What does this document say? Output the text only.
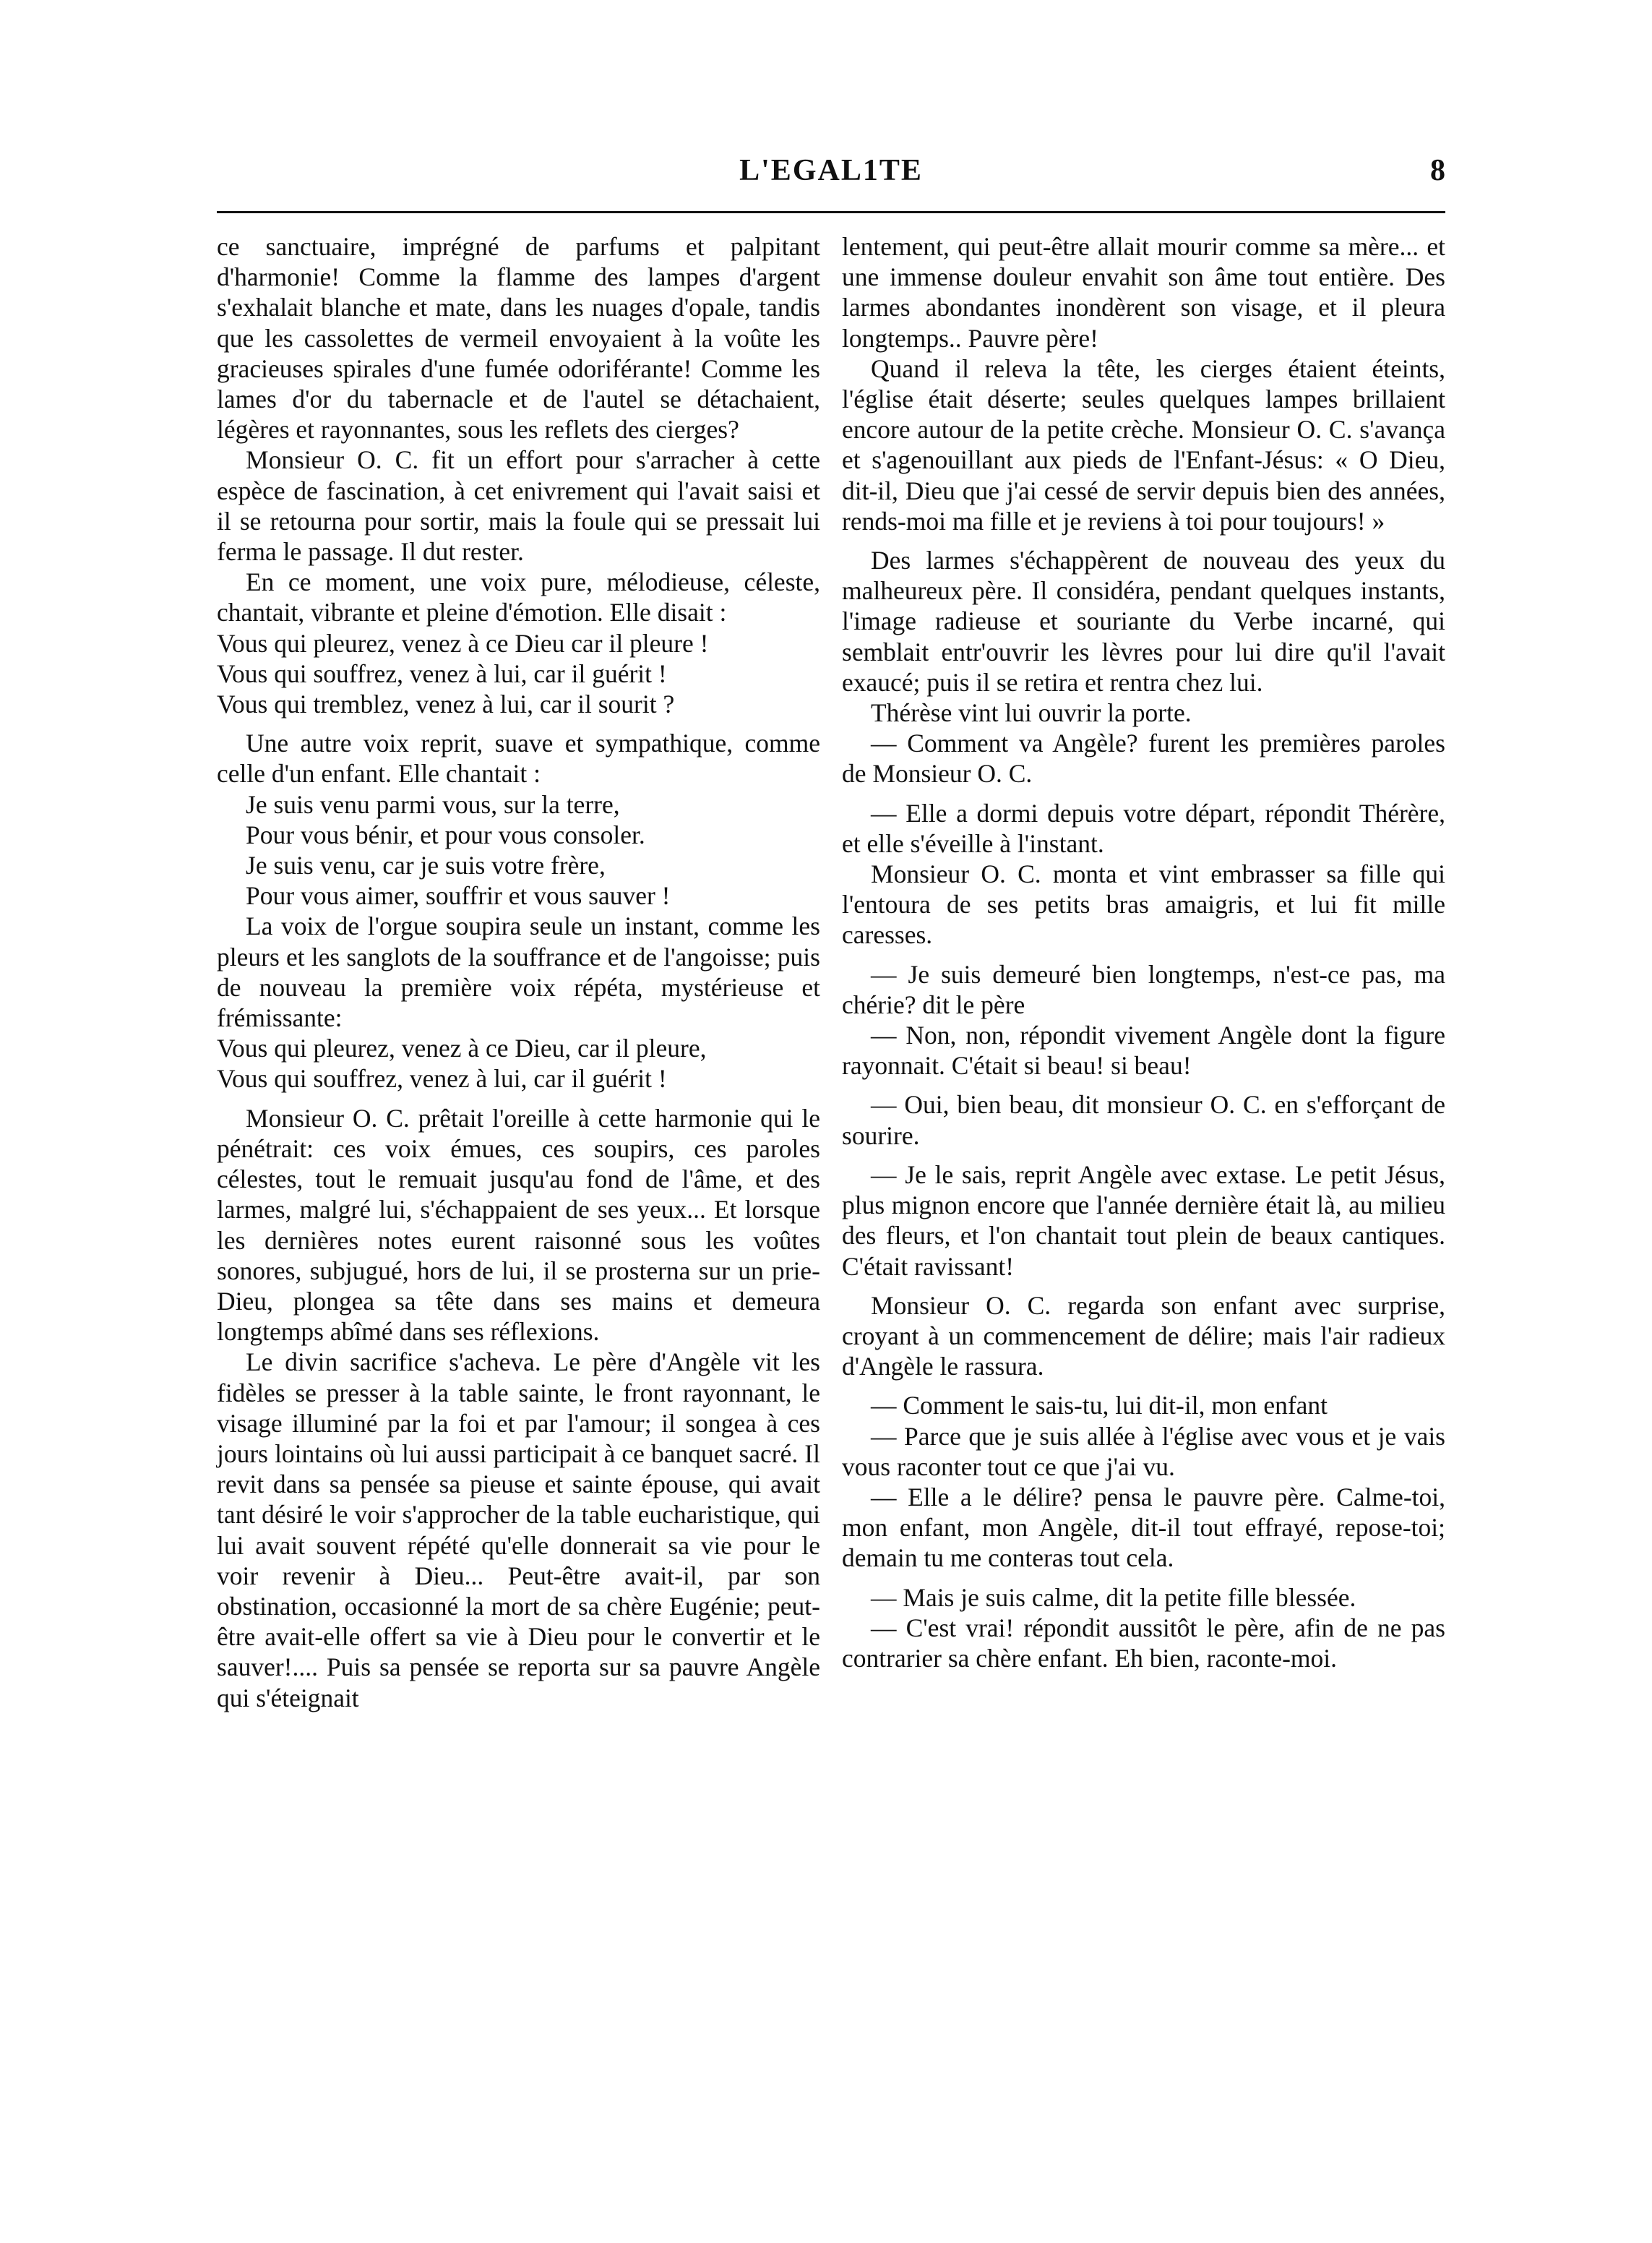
L'EGAL1TE	8

ce sanctuaire, imprégné de parfums et palpitant d'harmonie! Comme la flamme des lampes d'argent s'exhalait blanche et mate, dans les nuages d'opale, tandis que les cassolettes de vermeil envoyaient à la voûte les gracieuses spirales d'une fumée odoriférante! Comme les lames d'or du tabernacle et de l'autel se détachaient, légères et rayonnantes, sous les reflets des cierges?

Monsieur O. C. fit un effort pour s'arracher à cette espèce de fascination, à cet enivrement qui l'avait saisi et il se retourna pour sortir, mais la foule qui se pressait lui ferma le passage. Il dut rester.

En ce moment, une voix pure, mélodieuse, céleste, chantait, vibrante et pleine d'émotion. Elle disait :

Vous qui pleurez, venez à ce Dieu car il pleure !

Vous qui souffrez, venez à lui, car il guérit !

Vous qui tremblez, venez à lui, car il sourit ?

Une autre voix reprit, suave et sympathique, comme celle d'un enfant. Elle chantait :

Je suis venu parmi vous, sur la terre,

Pour vous bénir, et pour vous consoler.

Je suis venu, car je suis votre frère,

Pour vous aimer, souffrir et vous sauver !

La voix de l'orgue soupira seule un instant, comme les pleurs et les sanglots de la souffrance et de l'angoisse; puis de nouveau la première voix répéta, mystérieuse et frémissante:

Vous qui pleurez, venez à ce Dieu, car il pleure,

Vous qui souffrez, venez à lui, car il guérit !

Monsieur O. C. prêtait l'oreille à cette harmonie qui le pénétrait: ces voix émues, ces soupirs, ces paroles célestes, tout le remuait jusqu'au fond de l'âme, et des larmes, malgré lui, s'échappaient de ses yeux... Et lorsque les dernières notes eurent raisonné sous les voûtes sonores, subjugué, hors de lui, il se prosterna sur un prie-Dieu, plongea sa tête dans ses mains et demeura longtemps abîmé dans ses réflexions.

Le divin sacrifice s'acheva. Le père d'Angèle vit les fidèles se presser à la table sainte, le front rayonnant, le visage illuminé par la foi et par l'amour; il songea à ces jours lointains où lui aussi participait à ce banquet sacré. Il revit dans sa pensée sa pieuse et sainte épouse, qui avait tant désiré le voir s'approcher de la table eucharistique, qui lui avait souvent répété qu'elle donnerait sa vie pour le voir revenir à Dieu... Peut-être avait-il, par son obstination, occasionné la mort de sa chère Eugénie; peut-être avait-elle offert sa vie à Dieu pour le convertir et le sauver!.... Puis sa pensée se reporta sur sa pauvre Angèle qui s'éteignait

lentement, qui peut-être allait mourir comme sa mère... et une immense douleur envahit son âme tout entière. Des larmes abondantes inondèrent son visage, et il pleura longtemps.. Pauvre père!

Quand il releva la tête, les cierges étaient éteints, l'église était déserte; seules quelques lampes brillaient encore autour de la petite crèche. Monsieur O. C. s'avança et s'agenouillant aux pieds de l'Enfant-Jésus: « O Dieu, dit-il, Dieu que j'ai cessé de servir depuis bien des années, rends-moi ma fille et je reviens à toi pour toujours! »

Des larmes s'échappèrent de nouveau des yeux du malheureux père. Il considéra, pendant quelques instants, l'image radieuse et souriante du Verbe incarné, qui semblait entr'ouvrir les lèvres pour lui dire qu'il l'avait exaucé; puis il se retira et rentra chez lui.

Thérèse vint lui ouvrir la porte.

— Comment va Angèle? furent les premières paroles de Monsieur O. C.

— Elle a dormi depuis votre départ, répondit Thérère, et elle s'éveille à l'instant.

Monsieur O. C. monta et vint embrasser sa fille qui l'entoura de ses petits bras amaigris, et lui fit mille caresses.

— Je suis demeuré bien longtemps, n'est-ce pas, ma chérie? dit le père

— Non, non, répondit vivement Angèle dont la figure rayonnait. C'était si beau! si beau!

— Oui, bien beau, dit monsieur O. C. en s'efforçant de sourire.

— Je le sais, reprit Angèle avec extase. Le petit Jésus, plus mignon encore que l'année dernière était là, au milieu des fleurs, et l'on chantait tout plein de beaux cantiques. C'était ravissant!

Monsieur O. C. regarda son enfant avec surprise, croyant à un commencement de délire; mais l'air radieux d'Angèle le rassura.

— Comment le sais-tu, lui dit-il, mon enfant

— Parce que je suis allée à l'église avec vous et je vais vous raconter tout ce que j'ai vu.

— Elle a le délire? pensa le pauvre père. Calme-toi, mon enfant, mon Angèle, dit-il tout effrayé, repose-toi; demain tu me conteras tout cela.

— Mais je suis calme, dit la petite fille blessée.

— C'est vrai! répondit aussitôt le père, afin de ne pas contrarier sa chère enfant. Eh bien, raconte-moi.
